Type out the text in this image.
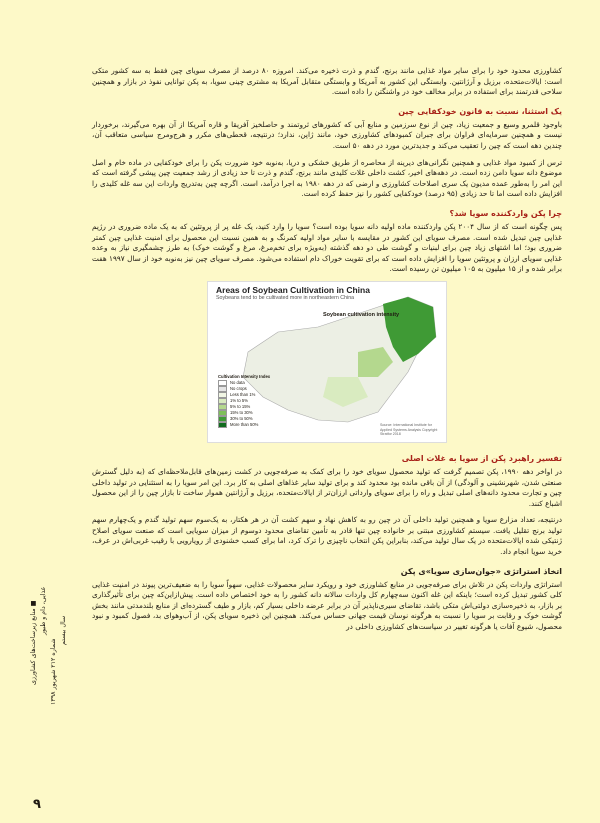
کشاورزی محدود خود را برای سایر مواد غذایی مانند برنج، گندم و ذرت ذخیره می‌کند. امروزه ۸۰ درصد از مصرف سویای چین فقط به سه کشور متکی است: ایالات‌متحده، برزیل و آرژانتین. وابستگی این کشور به آمریکا و وابستگی متقابل آمریکا به مشتری چینی سویا، به پکن توانایی نفوذ در بازار و همچنین سلاحی قدرتمند برای استفاده در برابر مخالف خود در واشنگتن را داده است.

یک استثنا، نسبت به قانون خودکفایی چین

باوجود قلمرو وسیع و جمعیت زیاد، چین از نوع سرزمین و منابع آبی که کشورهای ثروتمند و حاصلخیز آفریقا و قاره آمریکا از آن بهره می‌گیرند، برخوردار نیست و همچنین سرمایه‌ای فراوان برای جبران کمبودهای کشاورزی خود، مانند ژاپن، ندارد؛ درنتیجه، قحطی‌های مکرر و هرج‌ومرج سیاسی متعاقب آن، چندین دهه است که چین را تعقیب می‌کند و جدیدترین مورد در دهه ۵۰ است.

ترس از کمبود مواد غذایی و همچنین نگرانی‌های دیرینه از محاصره از طریق خشکی و دریا، به‌نوبه خود ضرورت یکن را برای خودکفایی در ماده خام و اصل موضوع دانه سویا دامن زده است. در دهه‌های اخیر، کشت داخلی غلات کلیدی مانند برنج، گندم و ذرت تا حد زیادی از رشد جمعیت چین پیشی گرفته است که این امر را به‌طور عمده مدیون یک سری اصلاحات کشاورزی و ارضی که در دهه ۱۹۸۰ به اجرا درآمد، است. اگرچه چین به‌تدریج واردات این سه غله کلیدی را افزایش داده است اما تا حد زیادی (۹۵ درصد) خودکفایی کشور را نیز حفظ کرده است.

چرا پکن واردکننده سویا شد؟

پس چگونه است که از سال ۲۰۰۴ پکن واردکننده ماده اولیه دانه سویا بوده است؟ سویا را وارد کنید، یک غله پر از پروتئین که به یک ماده ضروری در رژیم غذایی چین تبدیل شده است. مصرف سویای این کشور در مقایسه با سایر مواد اولیه کمرنگ و به همین نسبت این محصول برای امنیت غذایی چین کمتر ضروری بود؛ اما اشتهای زیاد چین برای لبنیات و گوشت طی دو دهه گذشته (به‌ویژه برای تخم‌مرغ، مرغ و گوشت خوک) به طرز چشمگیری نیاز به وعده غذایی سویای ارزان و پروتئین سویا را افزایش داده است که برای تقویت خوراک دام استفاده می‌شود. مصرف سویای چین نیز به‌نوبه خود از سال ۱۹۹۷ هفت برابر شده و از ۱۵ میلیون به ۱۰۵ میلیون تن رسیده است.

Areas of Soybean Cultivation in China
Soybeans tend to be cultivated more in northeastern China
Soybean cultivation intensity
Cultivation Intensity Index
No data
No crops
Less than 1%
1% to 5%
5% to 15%
15% to 30%
30% to 50%
More than 50%	Source: International Institute for Applied Systems Analysis Copyright Stratfor 2018
تفسیر راهبرد پکن از سویا به غلات اصلی

در اواخر دهه ۱۹۹۰، پکن تصمیم گرفت که تولید محصول سویای خود را برای کمک به صرفه‌جویی در کشت زمین‌های قابل‌ملاحظه‌ای که (به دلیل گسترش صنعتی شدن، شهرنشینی و آلودگی) از آن باقی مانده بود محدود کند و برای تولید سایر غذاهای اصلی به کار برد. این امر سویا را به استثنایی در تولید داخلی چین و تجارت محدود دانه‌های اصلی تبدیل و راه را برای سویای وارداتی ارزان‌تر از ایالات‌متحده، برزیل و آرژانتین هموار ساخت تا بازار چین را از این محصول اشباع کنند.

درنتیجه، تعداد مزارع سویا و همچنین تولید داخلی آن در چین رو به کاهش نهاد و سهم کشت آن در هر هکتار، به یک‌سوم سهم تولید گندم و یک‌چهارم سهم تولید برنج تقلیل یافت. سیستم کشاورزی مبتنی بر خانواده چین تنها قادر به تأمین تقاضای محدود دوسوم از میزان سویایی است که صنعت سویای اصلاح ژنتیکی شده ایالات‌متحده در یک سال تولید می‌کند، بنابراین پکن انتخاب ناچیزی را ترک کرد، اما برای کسب خشنودی از رویارویی با رقیب غربی‌اش در عرف، خرید سویا انجام داد.

اتخاذ استراتژی «جوان‌سازی سویا»ی پکن

استراتژی واردات پکن در تلاش برای صرفه‌جویی در منابع کشاورزی خود و رویکرد سایر محصولات غذایی، سهواً سویا را به ضعیف‌ترین پیوند در امنیت غذایی کلی کشور تبدیل کرده است؛ باینکه این غله اکنون سه‌چهارم کل واردات سالانه دانه کشور را به خود اختصاص داده است. پیش‌ازاین‌که چین برای تأثیرگذاری بر بازار، به ذخیره‌سازی دولتی‌اش متکی باشد، تقاضای سیری‌ناپذیر آن در برابر عرضه داخلی بسیار کم، بازار و طیف گسترده‌ای از منابع بلندمدتی مانند بخش گوشت خوک و رقابت بر سویا را نسبت به هرگونه نوسان قیمت جهانی حساس می‌کند. همچنین این ذخیره سویای پکن، از آب‌وهوای بد، فصول کمبود و نبود محصول، شیوع آفات یا هرگونه تغییر در سیاست‌های کشاورزی داخلی در

■ منابع زیرساخت‌های کشاورزی غذایی، دام و طیور
شماره ۲۱۲ شهریور ۱۳۹۸
سال بیستم
۹
